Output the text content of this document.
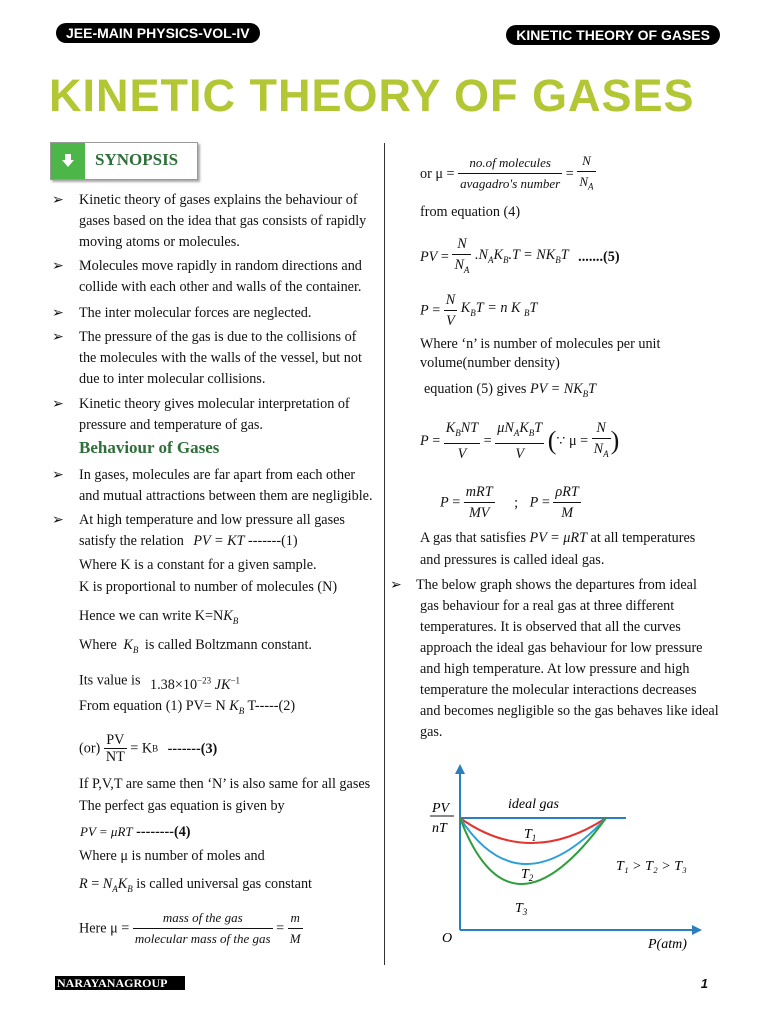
JEE-MAIN PHYSICS-VOL-IV	KINETIC THEORY OF GASES
KINETIC THEORY OF GASES
SYNOPSIS
➢ Kinetic theory of gases explains the behaviour of
gases based on the idea that gas consists of rapidly
moving atoms or molecules.
➢ Molecules move rapidly in random directions and
collide with each other and walls of the container.
➢ The inter molecular forces are neglected.
➢ The pressure of the gas is due to the collisions of
the molecules with the walls of the vessel, but not
due to inter molecular collisions.
➢ Kinetic theory gives molecular interpretation of
pressure and temperature of gas.
Behaviour of Gases
➢ In gases, molecules are far apart from each other
and mutual attractions between them are negligible.
➢ At high temperature and low pressure all gases
satisfy the relation PV = KT -------(1)
Where K is a constant for a given sample.
K is proportional to number of molecules (N)
Hence we can write $K=NK_B$
Where $K_B$ is called Boltzmann constant.
Its value is $1.38\times 10^{-23}$ $JK^{-1}$
From equation (1) PV= N $K_B$ T-----(2)
$(or) \frac{PV}{NT}$ = KB -------(3)
If P,V,T are same then ‘N’ is also same for all gases
The perfect gas equation is given by
PV = μRT --------(4)
Where μ is number of moles and
$R = N_AK_B$ is called universal gas constant
Here $\mu = \frac{\text{mass of the gas}}{\text{molecular mass of the gas}} = \frac{m}{M}$
or $\mu = \frac{\text{no.of molecules}}{\text{avagadro's number}} = \frac{N}{N_A}$
from equation (4)
PV = $\frac{N}{N_A} .N_AK_B.T = NK_BT$ .......(5)
$P = \frac{N}{V} K_BT = n$ K $_B$T
Where ‘n’ is number of molecules per unit
volume(number density)
equation (5) gives PV = $NK_BT$
$P = \frac{K_BNT}{V} = \frac{\mu N_AK_BT}{V}$ (∵ $\mu = \frac{N}{N_A}$ )
$P = \frac{\text{mRT}}{MV}$ ; $P = \frac{\text{ρRT}}{M}$
A gas that satisfies PV = μRT at all temperatures
and pressures is called ideal gas.
➢ The below graph shows the departures from ideal
gas behaviour for a real gas at three different
temperatures. It is observed that all the curves
approach the ideal gas behaviour for low pressure
and high temperature. At low pressure and high
temperature the molecular interactions decreases
and becomes negligible so the gas behaves like ideal
gas.
PV
nT
ideal gas
$T_1$
$T_2$
$T_3$
T₁ > T₂ > T₃
O	P(atm)
NARAYANAGROUP	1
